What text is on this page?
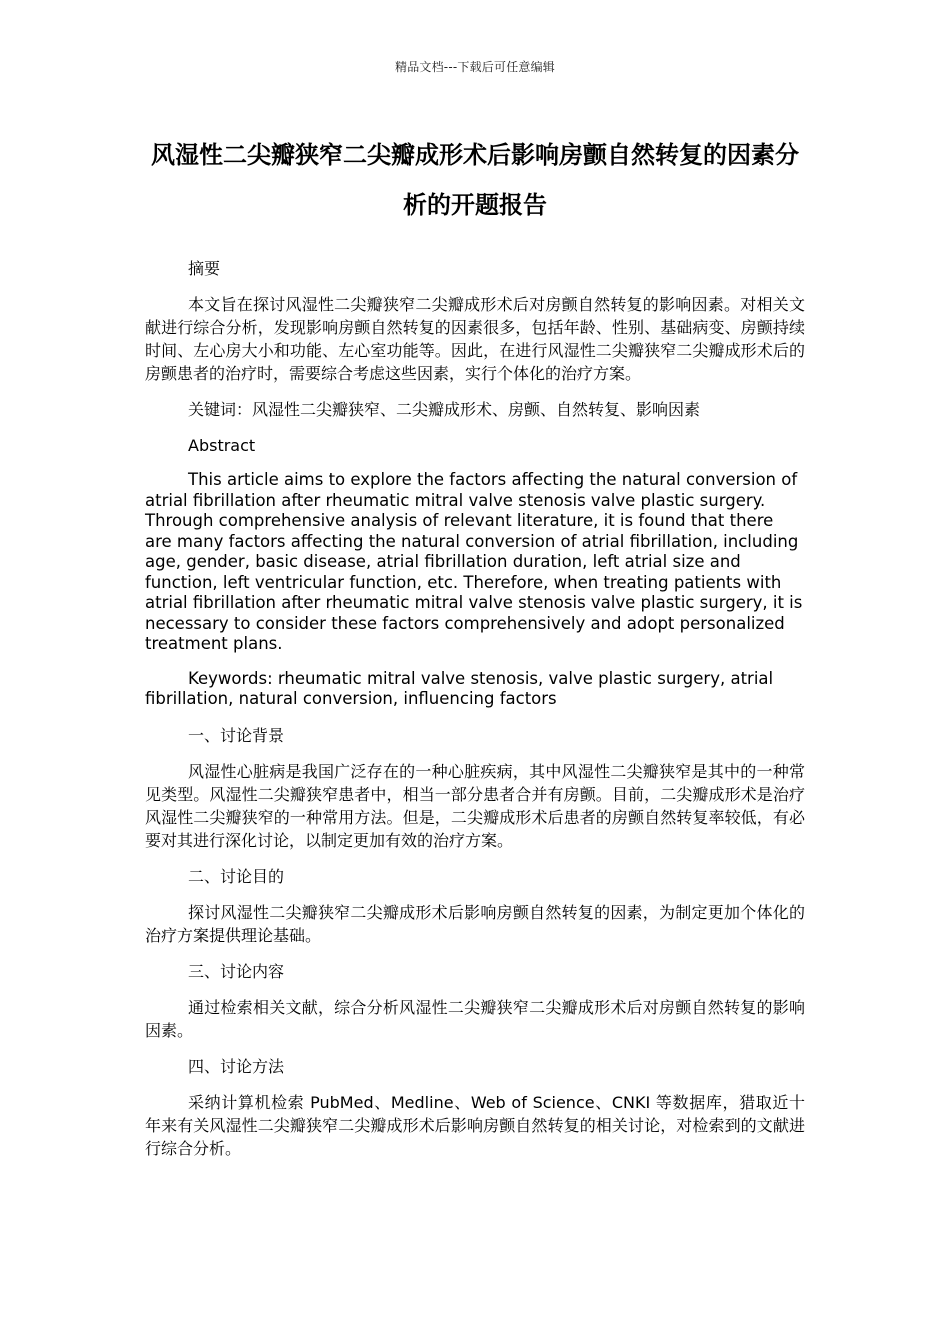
精品文档---下载后可任意编辑
风湿性二尖瓣狭窄二尖瓣成形术后影响房颤自然转复的因素分析的开题报告

摘要

本文旨在探讨风湿性二尖瓣狭窄二尖瓣成形术后对房颤自然转复的影响因素。对相关文献进行综合分析，发现影响房颤自然转复的因素很多，包括年龄、性别、基础病变、房颤持续时间、左心房大小和功能、左心室功能等。因此，在进行风湿性二尖瓣狭窄二尖瓣成形术后的房颤患者的治疗时，需要综合考虑这些因素，实行个体化的治疗方案。

关键词：风湿性二尖瓣狭窄、二尖瓣成形术、房颤、自然转复、影响因素

Abstract

This article aims to explore the factors affecting the natural conversion of atrial fibrillation after rheumatic mitral valve stenosis valve plastic surgery. Through comprehensive analysis of relevant literature, it is found that there are many factors affecting the natural conversion of atrial fibrillation, including age, gender, basic disease, atrial fibrillation duration, left atrial size and function, left ventricular function, etc. Therefore, when treating patients with atrial fibrillation after rheumatic mitral valve stenosis valve plastic surgery, it is necessary to consider these factors comprehensively and adopt personalized treatment plans.

Keywords: rheumatic mitral valve stenosis, valve plastic surgery, atrial fibrillation, natural conversion, influencing factors

一、讨论背景

风湿性心脏病是我国广泛存在的一种心脏疾病，其中风湿性二尖瓣狭窄是其中的一种常见类型。风湿性二尖瓣狭窄患者中，相当一部分患者合并有房颤。目前，二尖瓣成形术是治疗风湿性二尖瓣狭窄的一种常用方法。但是，二尖瓣成形术后患者的房颤自然转复率较低，有必要对其进行深化讨论，以制定更加有效的治疗方案。

二、讨论目的

探讨风湿性二尖瓣狭窄二尖瓣成形术后影响房颤自然转复的因素，为制定更加个体化的治疗方案提供理论基础。

三、讨论内容

通过检索相关文献，综合分析风湿性二尖瓣狭窄二尖瓣成形术后对房颤自然转复的影响因素。

四、讨论方法

采纳计算机检索 PubMed、Medline、Web of Science、CNKI 等数据库，猎取近十年来有关风湿性二尖瓣狭窄二尖瓣成形术后影响房颤自然转复的相关讨论，对检索到的文献进行综合分析。
